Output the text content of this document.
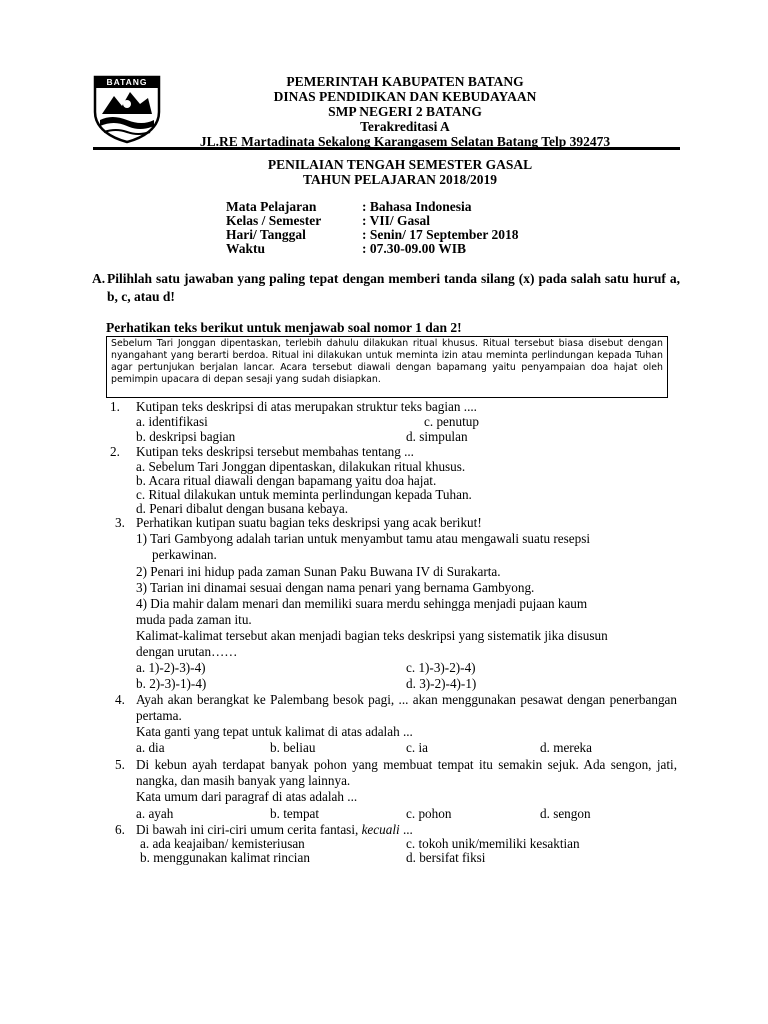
BATANG	PEMERINTAH KABUPATEN BATANG
DINAS PENDIDIKAN DAN KEBUDAYAAN
SMP NEGERI 2 BATANG
Terakreditasi A
JL.RE Martadinata Sekalong Karangasem Selatan Batang Telp 392473
PENILAIAN TENGAH SEMESTER GASAL
TAHUN PELAJARAN 2018/2019
Mata Pelajaran	: Bahasa Indonesia
Kelas / Semester	: VII/ Gasal
Hari/ Tanggal	: Senin/ 17 September 2018
Waktu	: 07.30-09.00 WIB
A. Pilihlah satu jawaban yang paling tepat dengan memberi tanda silang (x) pada salah satu huruf a, b, c, atau d!
Perhatikan teks berikut untuk menjawab soal nomor 1 dan 2!
Sebelum Tari Jonggan dipentaskan, terlebih dahulu dilakukan ritual khusus. Ritual tersebut biasa disebut dengan nyangahant yang berarti berdoa. Ritual ini dilakukan untuk meminta izin atau meminta perlindungan kepada Tuhan agar pertunjukan berjalan lancar. Acara tersebut diawali dengan bapamang yaitu penyampaian doa hajat oleh pemimpin upacara di depan sesaji yang sudah disiapkan.
1. Kutipan teks deskripsi di atas merupakan struktur teks bagian ....
a. identifikasi	c. penutup
b. deskripsi bagian	d. simpulan
2. Kutipan teks deskripsi tersebut membahas tentang ...
a. Sebelum Tari Jonggan dipentaskan, dilakukan ritual khusus.
b. Acara ritual diawali dengan bapamang yaitu doa hajat.
c. Ritual dilakukan untuk meminta perlindungan kepada Tuhan.
d. Penari dibalut dengan busana kebaya.
3. Perhatikan kutipan suatu bagian teks deskripsi yang acak berikut!
1) Tari Gambyong adalah tarian untuk menyambut tamu atau mengawali suatu resepsi
perkawinan.
2) Penari ini hidup pada zaman Sunan Paku Buwana IV di Surakarta.
3) Tarian ini dinamai sesuai dengan nama penari yang bernama Gambyong.
4) Dia mahir dalam menari dan memiliki suara merdu sehingga menjadi pujaan kaum
muda pada zaman itu.
Kalimat-kalimat tersebut akan menjadi bagian teks deskripsi yang sistematik jika disusun
dengan urutan……
a. 1)-2)-3)-4)	c. 1)-3)-2)-4)
b. 2)-3)-1)-4)	d. 3)-2)-4)-1)
4. Ayah akan berangkat ke Palembang besok pagi, ... akan menggunakan pesawat dengan penerbangan pertama.
Kata ganti yang tepat untuk kalimat di atas adalah ...
a. dia	b. beliau	c. ia	d. mereka
5. Di kebun ayah terdapat banyak pohon yang membuat tempat itu semakin sejuk. Ada sengon, jati, nangka, dan masih banyak yang lainnya.
Kata umum dari paragraf di atas adalah ...
a. ayah	b. tempat	c. pohon	d. sengon
6. Di bawah ini ciri-ciri umum cerita fantasi, kecuali ...
a. ada keajaiban/ kemisteriusan	c. tokoh unik/memiliki kesaktian
b. menggunakan kalimat rincian	d. bersifat fiksi
